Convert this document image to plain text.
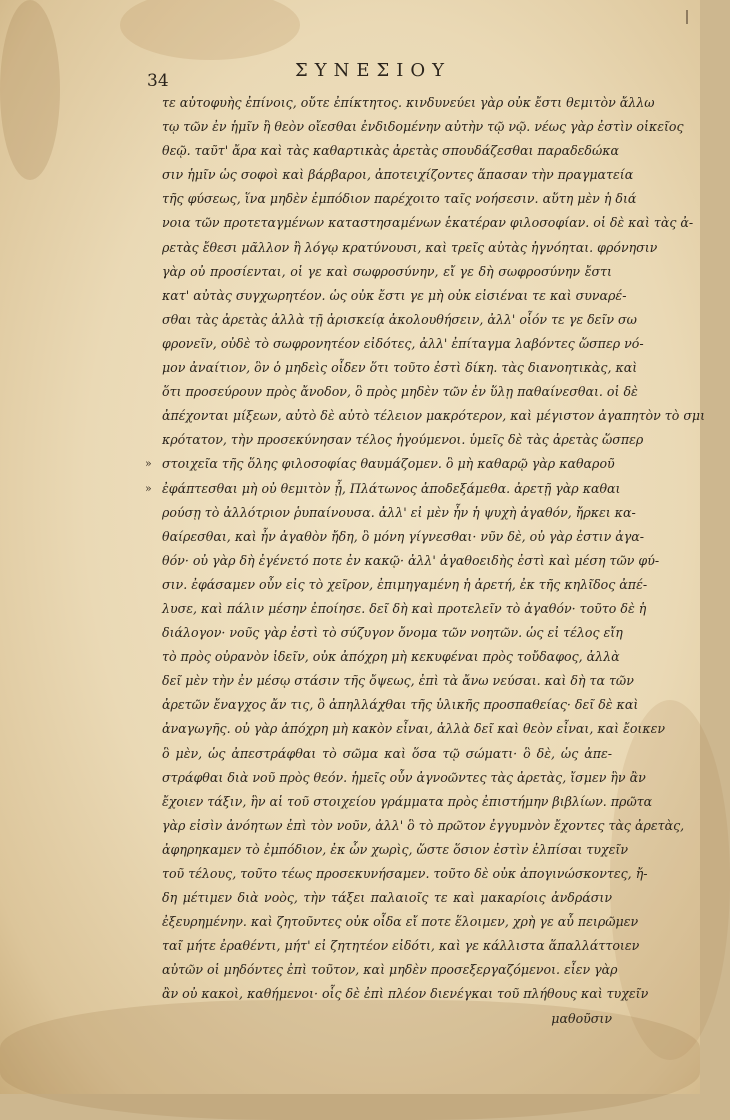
34	ΣΥΝΕΣΙΟΥ
τε αὐτοφυὴς ἐπίνοις, οὔτε ἐπίκτητος. κινδυνεύει γὰρ οὐκ ἔστι θεμιτὸν ἄλλω
τῳ τῶν ἐν ἡμῖν ἢ θεὸν οἴεσθαι ἐνδιδομένην αὐτὴν τῷ νῷ. νέως γὰρ ἐστὶν οἰκεῖος
θεῷ. ταῦτ' ἄρα καὶ τὰς καθαρτικὰς ἀρετὰς σπουδάζεσθαι παραδεδώκα
σιν ἡμῖν ὡς σοφοὶ καὶ βάρβαροι, ἀποτειχίζοντες ἅπασαν τὴν πραγματεία
τῆς φύσεως, ἵνα μηδὲν ἐμπόδιον παρέχοιτο ταῖς νοήσεσιν. αὕτη μὲν ἡ διά
νοια τῶν προτεταγμένων καταστησαμένων ἑκατέραν φιλοσοφίαν. οἱ δὲ καὶ τὰς ἀ-
ρετὰς ἔθεσι μᾶλλον ἢ λόγῳ κρατύνουσι, καὶ τρεῖς αὐτὰς ἠγνόηται. φρόνησιν
γὰρ οὐ προσίενται, οἱ γε καὶ σωφροσύνην, εἴ γε δὴ σωφροσύνην ἔστι
κατ' αὐτὰς συγχωρητέον. ὡς οὐκ ἔστι γε μὴ οὐκ εἰσιέναι τε καὶ συναρέ-
σθαι τὰς ἀρετὰς ἀλλὰ τῇ ἀρισκείᾳ ἀκολουθήσειν, ἀλλ' οἷόν τε γε δεῖν σω
φρονεῖν, οὐδὲ τὸ σωφρονητέον εἰδότες, ἀλλ' ἐπίταγμα λαβόντες ὥσπερ νό-
μον ἀναίτιον, ὃν ὁ μηδεὶς οἶδεν ὅτι τοῦτο ἐστὶ δίκη. τὰς διανοητικὰς, καὶ
ὅτι προσεύρουν πρὸς ἄνοδον, ὃ πρὸς μηδὲν τῶν ἐν ὕλῃ παθαίνεσθαι. οἱ δὲ
ἀπέχονται μίξεων, αὐτὸ δὲ αὐτὸ τέλειον μακρότερον, καὶ μέγιστον ἀγαπητὸν τὸ σμι
κρότατον, τὴν προσεκύνησαν τέλος ἡγούμενοι. ὑμεῖς δὲ τὰς ἀρετὰς ὥσπερ
» στοιχεῖα τῆς ὅλης φιλοσοφίας θαυμάζομεν. ὃ μὴ καθαρῷ γὰρ καθαροῦ
» ἐφάπτεσθαι μὴ οὐ θεμιτὸν ᾖ, Πλάτωνος ἀποδεξάμεθα. ἀρετῇ γὰρ καθαι
ρούσῃ τὸ ἀλλότριον ῥυπαίνουσα. ἀλλ' εἰ μὲν ἦν ἡ ψυχὴ ἀγαθόν, ἤρκει κα-
θαίρεσθαι, καὶ ἦν ἀγαθὸν ἤδη, ὃ μόνη γίγνεσθαι· νῦν δὲ, οὐ γὰρ ἐστιν ἀγα-
θόν· οὐ γὰρ δὴ ἐγένετό ποτε ἐν κακῷ· ἀλλ' ἀγαθοειδὴς ἐστὶ καὶ μέση τῶν φύ-
σιν. ἐφάσαμεν οὖν εἰς τὸ χεῖρον, ἐπιμηγαμένη ἡ ἀρετή, ἐκ τῆς κηλῖδος ἀπέ-
λυσε, καὶ πάλιν μέσην ἐποίησε. δεῖ δὴ καὶ προτελεῖν τὸ ἀγαθόν· τοῦτο δὲ ἡ
διάλογον· νοῦς γὰρ ἐστὶ τὸ σύζυγον ὄνομα τῶν νοητῶν. ὡς εἰ τέλος εἴη
τὸ πρὸς οὐρανὸν ἰδεῖν, οὐκ ἀπόχρη μὴ κεκυφέναι πρὸς τοὔδαφος, ἀλλὰ
δεῖ μὲν τὴν ἐν μέσῳ στάσιν τῆς ὄψεως, ἐπὶ τὰ ἄνω νεύσαι. καὶ δὴ τα τῶν
ἀρετῶν ἔναγχος ἄν τις, ὃ ἀπηλλάχθαι τῆς ὑλικῆς προσπαθείας· δεῖ δὲ καὶ
ἀναγωγῆς. οὐ γὰρ ἀπόχρη μὴ κακὸν εἶναι, ἀλλὰ δεῖ καὶ θεὸν εἶναι, καὶ ἔοικεν
ὃ μὲν, ὡς ἀπεστράφθαι τὸ σῶμα καὶ ὅσα τῷ σώματι· ὃ δὲ, ὡς ἀπε-
στράφθαι διὰ νοῦ πρὸς θεόν. ἡμεῖς οὖν ἀγνοῶντες τὰς ἀρετὰς, ἴσμεν ἣν ἂν
ἔχοιεν τάξιν, ἣν αἱ τοῦ στοιχείου γράμματα πρὸς ἐπιστήμην βιβλίων. πρῶτα
γὰρ εἰσὶν ἀνόητων ἐπὶ τὸν νοῦν, ἀλλ' ὃ τὸ πρῶτον ἐγγυμνὸν ἔχοντες τὰς ἀρετὰς,
ἀφηρηκαμεν τὸ ἐμπόδιον, ἐκ ὧν χωρὶς, ὥστε ὅσιον ἐστὶν ἐλπίσαι τυχεῖν
τοῦ τέλους, τοῦτο τέως προσεκυνήσαμεν. τοῦτο δὲ οὐκ ἀπογινώσκοντες, ἤ-
δη μέτιμεν διὰ νοὸς, τὴν τάξει παλαιοῖς τε καὶ μακαρίοις ἀνδράσιν
ἐξευρημένην. καὶ ζητοῦντες οὐκ οἶδα εἴ ποτε ἕλοιμεν, χρὴ γε αὖ πειρῶμεν
ταῖ μήτε ἐραθέντι, μήτ' εἰ ζητητέον εἰδότι, καὶ γε κάλλιστα ἅπαλλάττοιεν
αὐτῶν οἱ μηδόντες ἐπὶ τοῦτον, καὶ μηδὲν προσεξεργαζόμενοι. εἶεν γὰρ
ἂν οὐ κακοὶ, καθήμενοι· οἷς δὲ ἐπὶ πλέον διενέγκαι τοῦ πλήθους καὶ τυχεῖν
μαθοῦσιν
